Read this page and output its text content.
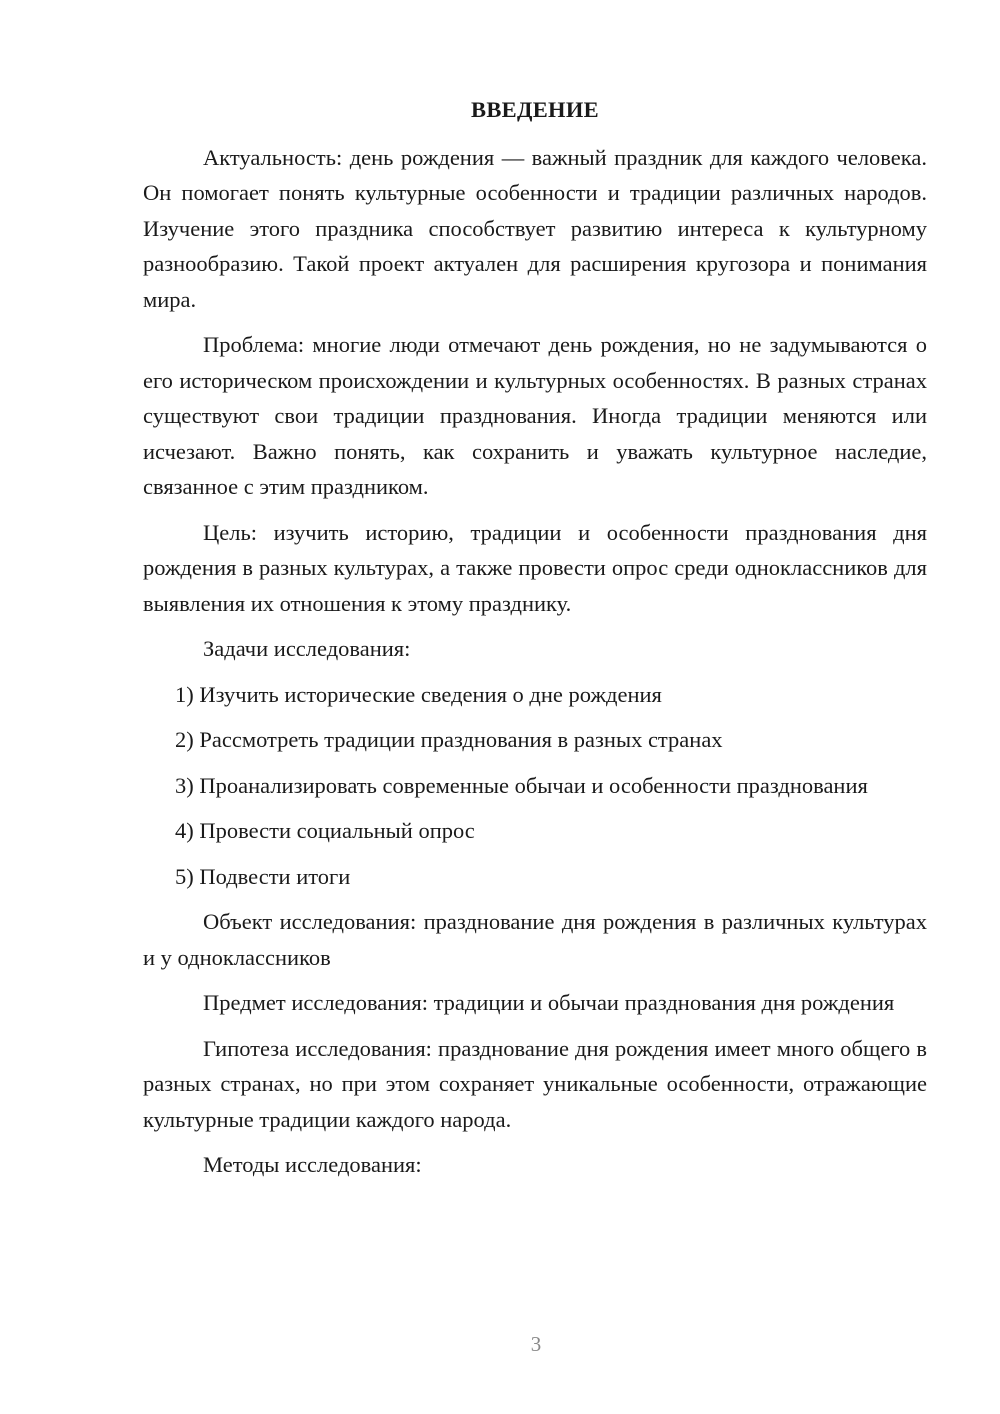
ВВЕДЕНИЕ

Актуальность: день рождения — важный праздник для каждого человека. Он помогает понять культурные особенности и традиции различных народов. Изучение этого праздника способствует развитию интереса к культурному разнообразию. Такой проект актуален для расширения кругозора и понимания мира.

Проблема: многие люди отмечают день рождения, но не задумываются о его историческом происхождении и культурных особенностях. В разных странах существуют свои традиции празднования. Иногда традиции меняются или исчезают. Важно понять, как сохранить и уважать культурное наследие, связанное с этим праздником.

Цель: изучить историю, традиции и особенности празднования дня рождения в разных культурах, а также провести опрос среди одноклассников для выявления их отношения к этому празднику.

Задачи исследования:

1) Изучить исторические сведения о дне рождения

2) Рассмотреть традиции празднования в разных странах

3) Проанализировать современные обычаи и особенности празднования

4) Провести социальный опрос

5) Подвести итоги

Объект исследования: празднование дня рождения в различных культурах и у одноклассников

Предмет исследования: традиции и обычаи празднования дня рождения

Гипотеза исследования: празднование дня рождения имеет много общего в разных странах, но при этом сохраняет уникальные особенности, отражающие культурные традиции каждого народа.

Методы исследования:

3
